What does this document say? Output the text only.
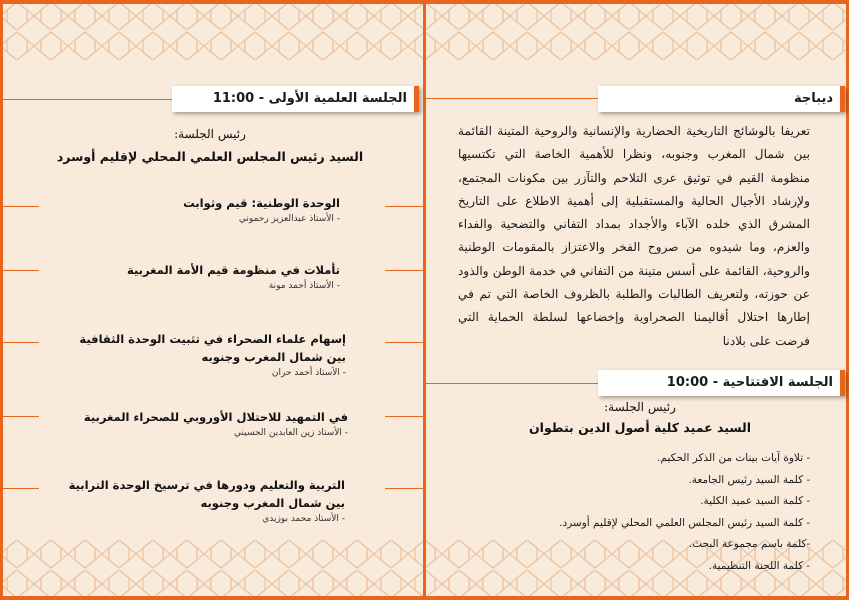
ديباجة
تعريفا بالوشائج التاريخية الحضارية والإنسانية والروحية المتينة القائمة بين شمال المغرب وجنوبه، ونظرا للأهمية الخاصة التي تكتسيها منظومة القيم في توثيق عرى التلاحم والتآزر بين مكونات المجتمع، ولإرشاد الأجيال الحالية والمستقبلية إلى أهمية الاطلاع على التاريخ المشرق الذي خلده الآباء والأجداد بمداد التفاني والتضحية والفداء والعزم، وما شيدوه من صروح الفخر والاعتزاز بالمقومات الوطنية والروحية، القائمة على أسس متينة من التفاني في خدمة الوطن والذود عن حوزته، ولتعريف الطالبات والطلبة بالظروف الخاصة التي تم في إطارها احتلال أقاليمنا الصحراوية وإخضاعها لسلطة الحماية التي فرضت على بلادنا
الجلسة الافتتاحية - 10:00
رئيس الجلسة:
السيد عميد كلية أصول الدين بتطوان
- تلاوة آيات بينات من الذكر الحكيم.
- كلمة السيد رئيس الجامعة.
- كلمة السيد عميد الكلية.
- كلمة السيد رئيس المجلس العلمي المحلي لإقليم أوسرد.
-كلمة باسم مجموعة البحث.
- كلمة اللجنة التنظيمية.
الجلسة العلمية الأولى - 11:00
رئيس الجلسة:
السيد رئيس المجلس العلمي المحلي لإقليم أوسرد
الوحدة الوطنية: قيم وثوابت
- الأستاذ عبدالعزيز رحموني
تأملات في منظومة قيم الأمة المغربية
- الأستاذ أحمد مونة
إسهام علماء الصحراء في تثبيت الوحدة الثقافية
بين شمال المغرب وجنوبه
- الأستاذ أحمد حران
في التمهيد للاحتلال الأوروبي للصحراء المغربية
- الأستاذ زين العابدين الحسيني
التربية والتعليم ودورها في ترسيخ الوحدة الترابية
بين شمال المغرب وجنوبه
- الأستاذ محمد بوزيدي
